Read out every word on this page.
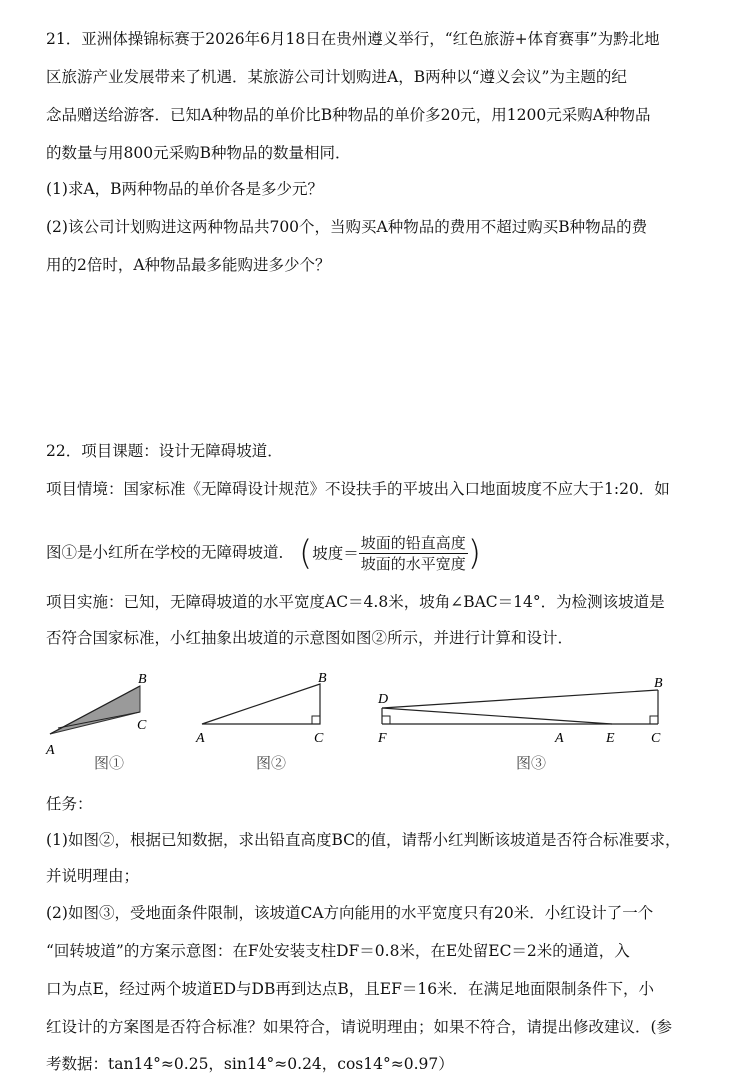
21．亚洲体操锦标赛于2026年6月18日在贵州遵义举行，“红色旅游+体育赛事”为黔北地
区旅游产业发展带来了机遇．某旅游公司计划购进A，B两种以“遵义会议”为主题的纪
念品赠送给游客．已知A种物品的单价比B种物品的单价多20元，用1200元采购A种物品
的数量与用800元采购B种物品的数量相同．
(1)求A，B两种物品的单价各是多少元？
(2)该公司计划购进这两种物品共700个，当购买A种物品的费用不超过购买B种物品的费
用的2倍时，A种物品最多能购进多少个？
22．项目课题：设计无障碍坡道．
项目情境：国家标准《无障碍设计规范》不设扶手的平坡出入口地面坡度不应大于1:20．如
图①是小红所在学校的无障碍坡道． (坡度＝ $\frac{\text{坡面的铅直高度}}{\text{坡面的水平宽度}}$ )
项目实施：已知，无障碍坡道的水平宽度AC＝4.8米，坡角∠BAC＝14°．为检测该坡道是
否符合国家标准，小红抽象出坡道的示意图如图②所示，并进行计算和设计．
B
C
A
图①
B
A	C
图②
D
B
F	A	E	C
图③
任务：
(1)如图②，根据已知数据，求出铅直高度BC的值，请帮小红判断该坡道是否符合标准要求，
并说明理由；
(2)如图③，受地面条件限制，该坡道CA方向能用的水平宽度只有20米．小红设计了一个
“回转坡道”的方案示意图：在F处安装支柱DF＝0.8米，在E处留EC＝2米的通道，入
口为点E，经过两个坡道ED与DB再到达点B，且EF＝16米．在满足地面限制条件下，小
红设计的方案图是否符合标准？如果符合，请说明理由；如果不符合，请提出修改建议．(参
考数据：tan14°≈0.25，sin14°≈0.24，cos14°≈0.97）
